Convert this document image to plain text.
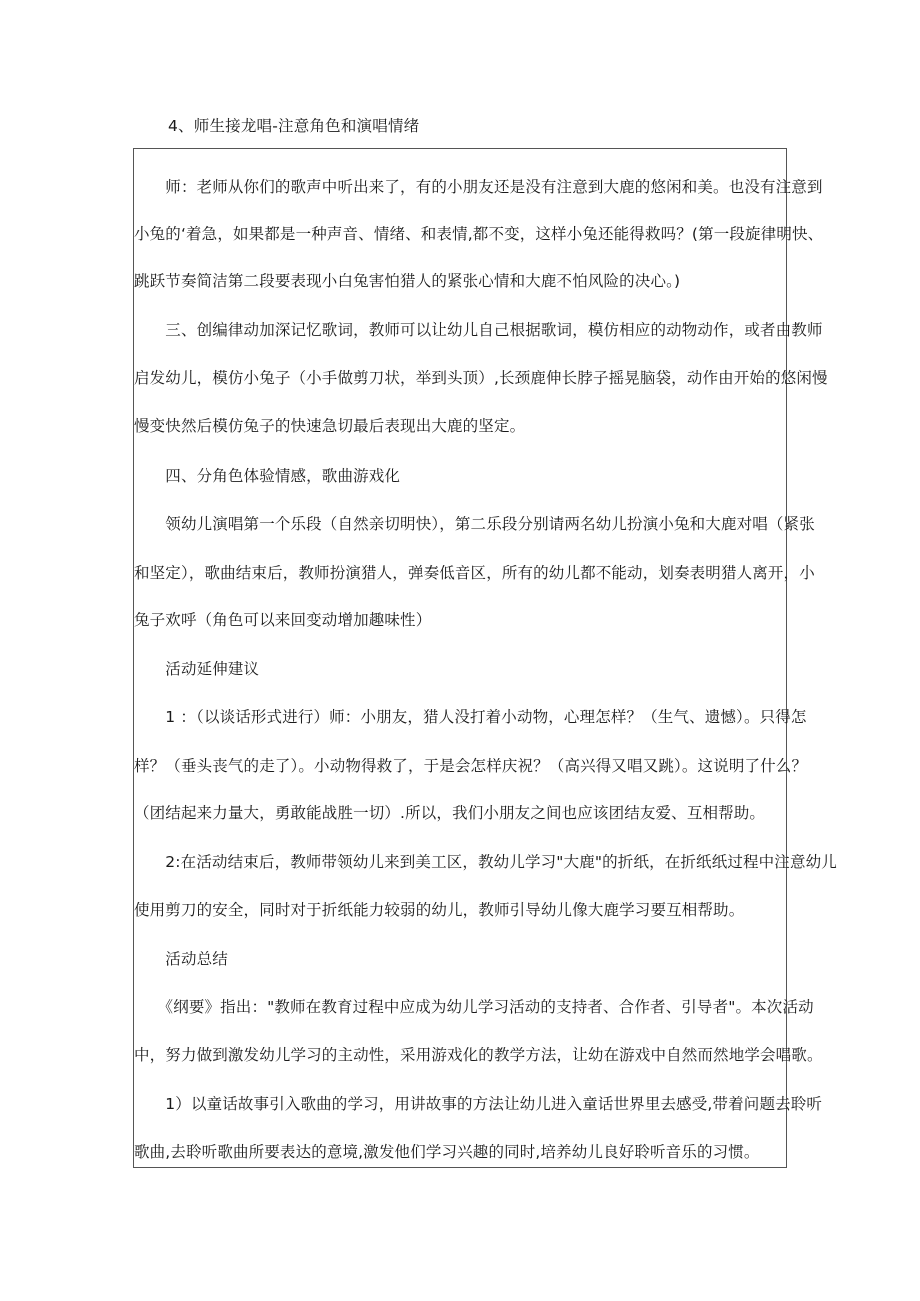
4、师生接龙唱-注意角色和演唱情绪
　　师：老师从你们的歌声中听出来了，有的小朋友还是没有注意到大鹿的悠闲和美。也没有注意到
小兔的‘着急，如果都是一种声音、情绪、和表情,都不变，这样小兔还能得救吗？(第一段旋律明快、
跳跃节奏简洁第二段要表现小白兔害怕猎人的紧张心情和大鹿不怕风险的决心。)
　　三、创编律动加深记忆歌词，教师可以让幼儿自己根据歌词，模仿相应的动物动作，或者由教师
启发幼儿，模仿小兔子（小手做剪刀状，举到头顶）,长颈鹿伸长脖子摇晃脑袋，动作由开始的悠闲慢
慢变快然后模仿兔子的快速急切最后表现出大鹿的坚定。
　　四、分角色体验情感，歌曲游戏化
　　领幼儿演唱第一个乐段（自然亲切明快），第二乐段分别请两名幼儿扮演小兔和大鹿对唱（紧张
和坚定），歌曲结束后，教师扮演猎人，弹奏低音区，所有的幼儿都不能动，划奏表明猎人离开，小
兔子欢呼（角色可以来回变动增加趣味性）
　　活动延伸建议
　　1 ：（以谈话形式进行）师：小朋友，猎人没打着小动物，心理怎样？（生气、遗憾）。只得怎
样？（垂头丧气的走了）。小动物得救了，于是会怎样庆祝？（高兴得又唱又跳）。这说明了什么？
（团结起来力量大，勇敢能战胜一切）.所以，我们小朋友之间也应该团结友爱、互相帮助。
　　2:在活动结束后，教师带领幼儿来到美工区，教幼儿学习"大鹿"的折纸，在折纸纸过程中注意幼儿
使用剪刀的安全，同时对于折纸能力较弱的幼儿，教师引导幼儿像大鹿学习要互相帮助。
　　活动总结
　　《纲要》指出："教师在教育过程中应成为幼儿学习活动的支持者、合作者、引导者"。本次活动
中，努力做到激发幼儿学习的主动性，采用游戏化的教学方法，让幼在游戏中自然而然地学会唱歌。
　　1）以童话故事引入歌曲的学习，用讲故事的方法让幼儿进入童话世界里去感受,带着问题去聆听
歌曲,去聆听歌曲所要表达的意境,激发他们学习兴趣的同时,培养幼儿良好聆听音乐的习惯。
